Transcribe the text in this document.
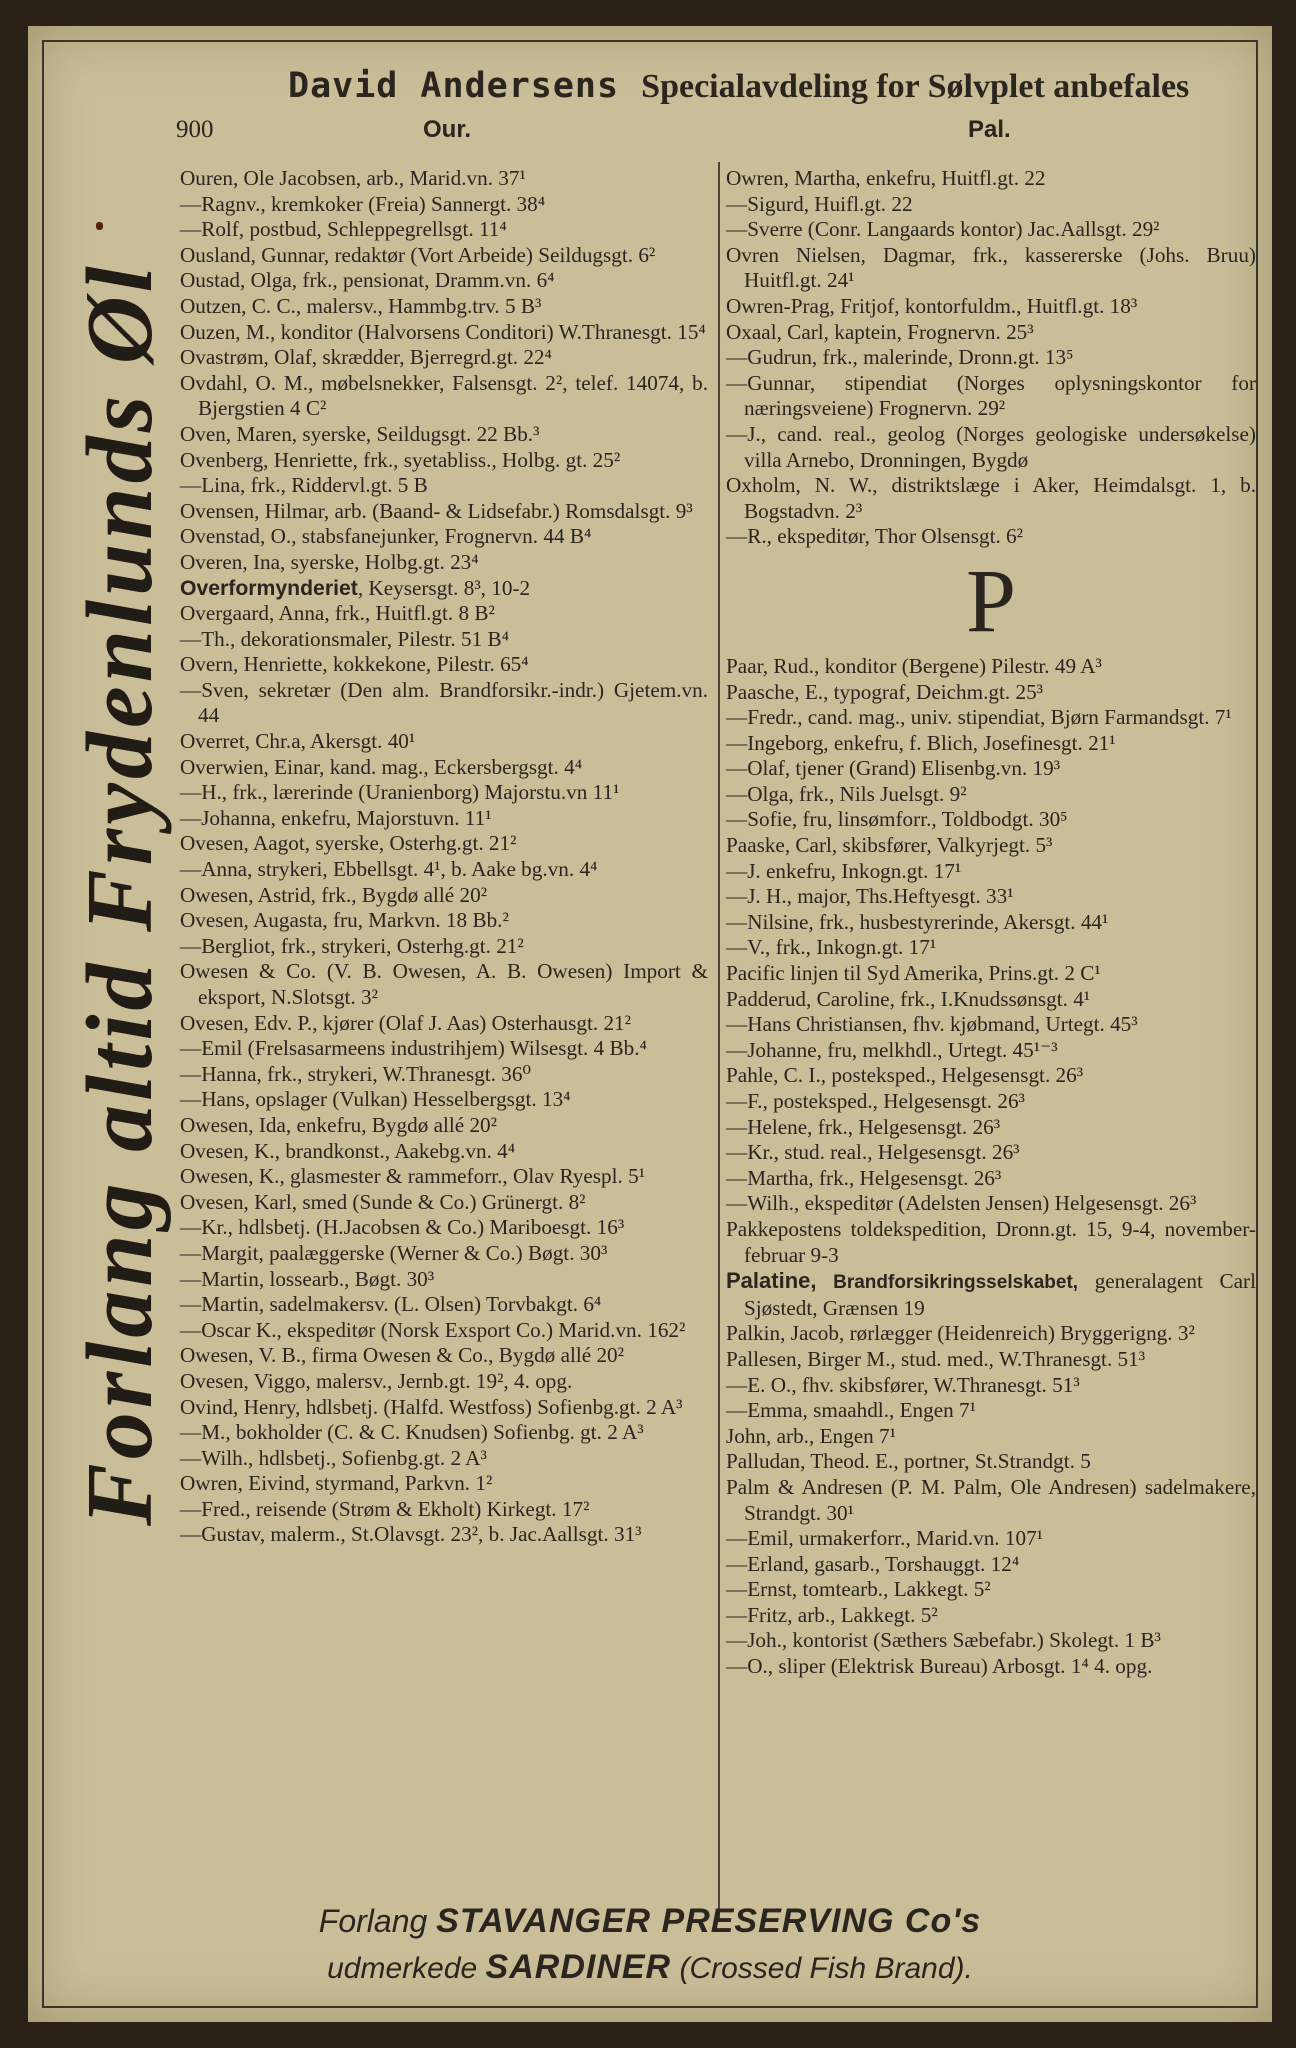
David Andersens Specialavdeling for Sølvplet anbefales
900	Our.	Pal.
Forlang altid Frydenlunds Øl
Ouren, Ole Jacobsen, arb., Marid.vn. 37¹
—Ragnv., kremkoker (Freia) Sannergt. 38⁴
—Rolf, postbud, Schleppegrellsgt. 11⁴
Ousland, Gunnar, redaktør (Vort Arbeide) Seildugsgt. 6²
Oustad, Olga, frk., pensionat, Dramm.vn. 6⁴
Outzen, C. C., malersv., Hammbg.trv. 5 B³
Ouzen, M., konditor (Halvorsens Conditori) W.Thranesgt. 15⁴
Ovastrøm, Olaf, skrædder, Bjerregrd.gt. 22⁴
Ovdahl, O. M., møbelsnekker, Falsensgt. 2², telef. 14074, b. Bjergstien 4 C²
Oven, Maren, syerske, Seildugsgt. 22 Bb.³
Ovenberg, Henriette, frk., syetabliss., Holbg. gt. 25²
—Lina, frk., Riddervl.gt. 5 B
Ovensen, Hilmar, arb. (Baand- & Lidsefabr.) Romsdalsgt. 9³
Ovenstad, O., stabsfanejunker, Frognervn. 44 B⁴
Overen, Ina, syerske, Holbg.gt. 23⁴
Overformynderiet, Keysersgt. 8³, 10-2
Overgaard, Anna, frk., Huitfl.gt. 8 B²
—Th., dekorationsmaler, Pilestr. 51 B⁴
Overn, Henriette, kokkekone, Pilestr. 65⁴
—Sven, sekretær (Den alm. Brandforsikr.-indr.) Gjetem.vn. 44
Overret, Chr.a, Akersgt. 40¹
Overwien, Einar, kand. mag., Eckersbergsgt. 4⁴
—H., frk., lærerinde (Uranienborg) Majorstu.vn 11¹
—Johanna, enkefru, Majorstuvn. 11¹
Ovesen, Aagot, syerske, Osterhg.gt. 21²
—Anna, strykeri, Ebbellsgt. 4¹, b. Aake bg.vn. 4⁴
Owesen, Astrid, frk., Bygdø allé 20²
Ovesen, Augasta, fru, Markvn. 18 Bb.²
—Bergliot, frk., strykeri, Osterhg.gt. 21²
Owesen & Co. (V. B. Owesen, A. B. Owesen) Import & eksport, N.Slotsgt. 3²
Ovesen, Edv. P., kjører (Olaf J. Aas) Osterhausgt. 21²
—Emil (Frelsasarmeens industrihjem) Wilsesgt. 4 Bb.⁴
—Hanna, frk., strykeri, W.Thranesgt. 36⁰
—Hans, opslager (Vulkan) Hesselbergsgt. 13⁴
Owesen, Ida, enkefru, Bygdø allé 20²
Ovesen, K., brandkonst., Aakebg.vn. 4⁴
Owesen, K., glasmester & rammeforr., Olav Ryespl. 5¹
Ovesen, Karl, smed (Sunde & Co.) Grünergt. 8²
—Kr., hdlsbetj. (H.Jacobsen & Co.) Mariboesgt. 16³
—Margit, paalæggerske (Werner & Co.) Bøgt. 30³
—Martin, lossearb., Bøgt. 30³
—Martin, sadelmakersv. (L. Olsen) Torvbakgt. 6⁴
—Oscar K., ekspeditør (Norsk Exsport Co.) Marid.vn. 162²
Owesen, V. B., firma Owesen & Co., Bygdø allé 20²
Ovesen, Viggo, malersv., Jernb.gt. 19², 4. opg.
Ovind, Henry, hdlsbetj. (Halfd. Westfoss) Sofienbg.gt. 2 A³
—M., bokholder (C. & C. Knudsen) Sofienbg. gt. 2 A³
—Wilh., hdlsbetj., Sofienbg.gt. 2 A³
Owren, Eivind, styrmand, Parkvn. 1²
—Fred., reisende (Strøm & Ekholt) Kirkegt. 17²
—Gustav, malerm., St.Olavsgt. 23², b. Jac.Aallsgt. 31³
Owren, Martha, enkefru, Huitfl.gt. 22
—Sigurd, Huifl.gt. 22
—Sverre (Conr. Langaards kontor) Jac.Aallsgt. 29²
Ovren Nielsen, Dagmar, frk., kassererske (Johs. Bruu) Huitfl.gt. 24¹
Owren-Prag, Fritjof, kontorfuldm., Huitfl.gt. 18³
Oxaal, Carl, kaptein, Frognervn. 25³
—Gudrun, frk., malerinde, Dronn.gt. 13⁵
—Gunnar, stipendiat (Norges oplysningskontor for næringsveiene) Frognervn. 29²
—J., cand. real., geolog (Norges geologiske undersøkelse) villa Arnebo, Dronningen, Bygdø
Oxholm, N. W., distriktslæge i Aker, Heimdalsgt. 1, b. Bogstadvn. 2³
—R., ekspeditør, Thor Olsensgt. 6²
P
Paar, Rud., konditor (Bergene) Pilestr. 49 A³
Paasche, E., typograf, Deichm.gt. 25³
—Fredr., cand. mag., univ. stipendiat, Bjørn Farmandsgt. 7¹
—Ingeborg, enkefru, f. Blich, Josefinesgt. 21¹
—Olaf, tjener (Grand) Elisenbg.vn. 19³
—Olga, frk., Nils Juelsgt. 9²
—Sofie, fru, linsømforr., Toldbodgt. 30⁵
Paaske, Carl, skibsfører, Valkyrjegt. 5³
—J. enkefru, Inkogn.gt. 17¹
—J. H., major, Ths.Heftyesgt. 33¹
—Nilsine, frk., husbestyrerinde, Akersgt. 44¹
—V., frk., Inkogn.gt. 17¹
Pacific linjen til Syd Amerika, Prins.gt. 2 C¹
Padderud, Caroline, frk., I.Knudssønsgt. 4¹
—Hans Christiansen, fhv. kjøbmand, Urtegt. 45³
—Johanne, fru, melkhdl., Urtegt. 45¹⁻³
Pahle, C. I., posteksped., Helgesensgt. 26³
—F., posteksped., Helgesensgt. 26³
—Helene, frk., Helgesensgt. 26³
—Kr., stud. real., Helgesensgt. 26³
—Martha, frk., Helgesensgt. 26³
—Wilh., ekspeditør (Adelsten Jensen) Helgesensgt. 26³
Pakkepostens toldekspedition, Dronn.gt. 15, 9-4, november-februar 9-3
Palatine, Brandforsikringsselskabet, generalagent Carl Sjøstedt, Grænsen 19
Palkin, Jacob, rørlægger (Heidenreich) Bryggerigng. 3²
Pallesen, Birger M., stud. med., W.Thranesgt. 51³
—E. O., fhv. skibsfører, W.Thranesgt. 51³
—Emma, smaahdl., Engen 7¹
John, arb., Engen 7¹
Palludan, Theod. E., portner, St.Strandgt. 5
Palm & Andresen (P. M. Palm, Ole Andresen) sadelmakere, Strandgt. 30¹
—Emil, urmakerforr., Marid.vn. 107¹
—Erland, gasarb., Torshauggt. 12⁴
—Ernst, tomtearb., Lakkegt. 5²
—Fritz, arb., Lakkegt. 5²
—Joh., kontorist (Sæthers Sæbefabr.) Skolegt. 1 B³
—O., sliper (Elektrisk Bureau) Arbosgt. 1⁴ 4. opg.
Forlang STAVANGER PRESERVING Co's
udmerkede SARDINER (Crossed Fish Brand).
